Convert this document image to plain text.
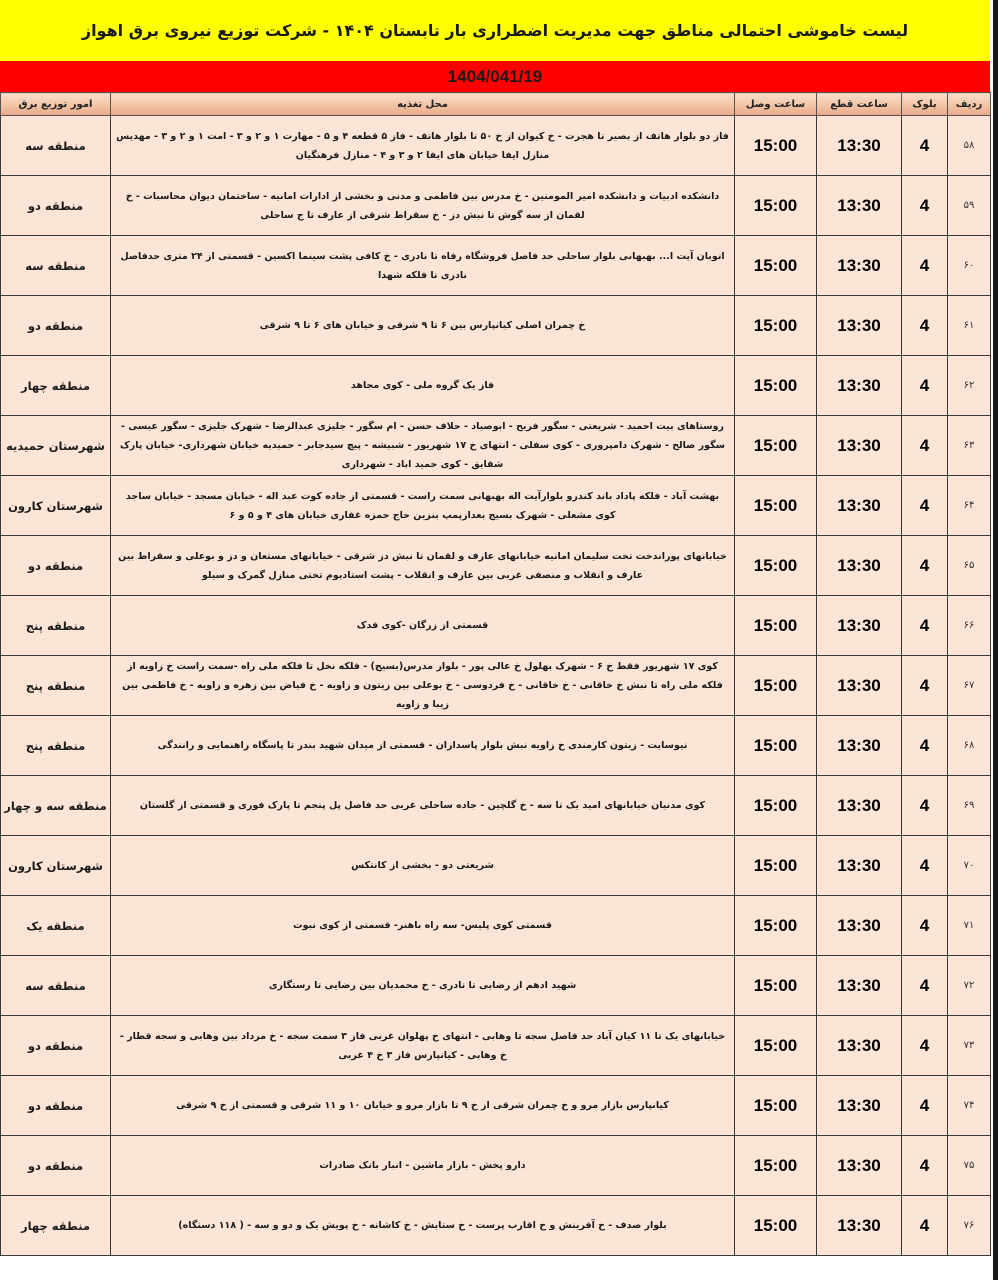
لیست خاموشی احتمالی مناطق جهت مدیریت اضطراری بار تابستان ۱۴۰۴ - شرکت توزیع نیروی برق اهواز
1404/041/19
ردیف	بلوک	ساعت قطع	ساعت وصل	محل تغذیه	امور توزیع برق
۵۸	4	13:30	15:00	فاز دو بلوار هاتف از بصیر تا هجرت - خ کیوان از خ ۵۰ تا بلوار هاتف - فاز ۵ قطعه ۴ و ۵ - مهارت ۱ و ۲ و ۳ - امت ۱ و ۲ و ۳ - مهدیس منازل ایفا خیابان های ایفا ۲ و ۳ و ۴ - منازل فرهنگیان	منطقه سه
۵۹	4	13:30	15:00	دانشکده ادبیات و دانشکده امیر المومنین - خ مدرس بین فاطمی و مدنی و بخشی از ادارات امانیه - ساختمان دیوان محاسبات - خ لقمان از سه گوش تا نبش دز - خ سقراط شرقی از عارف تا ج ساحلی	منطقه دو
۶۰	4	13:30	15:00	اتوبان آیت ا... بهبهانی بلوار ساحلی حد فاصل فروشگاه رفاه تا نادری - خ کافی پشت سینما اکسین - قسمتی از ۲۴ متری حدفاصل نادری تا فلکه شهدا	منطقه سه
۶۱	4	13:30	15:00	خ چمران اصلی کیانپارس بین ۶ تا ۹ شرقی و خیابان های ۶ تا ۹ شرقی	منطقه دو
۶۲	4	13:30	15:00	فاز یک گروه ملی - کوی مجاهد	منطقه چهار
۶۳	4	13:30	15:00	روستاهای بیت احمید - شریعتی - سگور فریح - ابوصیاد - حلاف حسن - ام سگور - جلیزی عبدالرضا - شهرک جلیزی - سگور عیسی - سگور صالح - شهرک دامپروری - کوی سفلی - انتهای خ ۱۷ شهریور - شبیشه - پیچ سیدجابر - حمیدیه خیابان شهرداری- خیابان پارک شقایق - کوی حمید اباد - شهرداری	شهرستان حمیدیه
۶۴	4	13:30	15:00	بهشت آباد - فلکه پاداد باند کندرو بلوارآیت اله بهبهانی سمت راست - قسمتی از جاده کوت عبد اله - خیابان مسجد - خیابان ساجد کوی مشعلی - شهرک بسیج بعدازپمپ بنزین حاج حمزه غفاری خیابان های ۴ و ۵ و ۶	شهرستان کارون
۶۵	4	13:30	15:00	خیابانهای پوراندخت تخت سلیمان امانیه خیابانهای عارف و لقمان تا نبش دز شرقی - خیابانهای مستعان و دز و بوعلی و سقراط بین عارف و انقلاب و منصفی غربی بین عارف و انقلاب - پشت استادیوم تختی منازل گمرک و سیلو	منطقه دو
۶۶	4	13:30	15:00	قسمتی از زرگان -کوی فدک	منطقه پنج
۶۷	4	13:30	15:00	کوی ۱۷ شهریور فقط خ ۶ - شهرک بهلول خ عالی پور - بلوار مدرس(بسیج) - فلکه نخل تا فلکه ملی راه -سمت راست خ زاویه از فلکه ملی راه تا نبش خ خاقانی - خ خاقانی - خ فردوسی - خ بوعلی بین زیتون و زاویه - خ فیاض بین زهره و زاویه - خ فاطمی بین زیبا و زاویه	منطقه پنج
۶۸	4	13:30	15:00	نیوسایت - زیتون کارمندی خ زاویه نبش بلوار پاسداران - قسمتی از میدان شهید بندر تا پاسگاه راهنمایی و رانندگی	منطقه پنج
۶۹	4	13:30	15:00	کوی مدنیان خیابانهای امید یک تا سه - خ گلچین - جاده ساحلی غربی حد فاصل پل پنجم تا پارک فوری و قسمتی از گلستان	منطقه سه و چهار
۷۰	4	13:30	15:00	شریعتی دو - بخشی از کانتکس	شهرستان کارون
۷۱	4	13:30	15:00	قسمتی کوی پلیس- سه راه باهنر- قسمتی از کوی نبوت	منطقه یک
۷۲	4	13:30	15:00	شهید ادهم از رضایی تا نادری - خ محمدیان بین رضایی تا رستگاری	منطقه سه
۷۳	4	13:30	15:00	خیابانهای یک تا ۱۱ کیان آباد حد فاصل سجه تا وهابی - انتهای خ پهلوان غربی فاز ۳ سمت سجه - خ مرداد بین وهابی و سجه قطار - خ وهابی - کیانپارس فاز ۳ خ ۴ غربی	منطقه دو
۷۴	4	13:30	15:00	کیانپارس بازار مرو و خ چمران شرقی از خ ۹ تا بازار مرو و خیابان ۱۰ و ۱۱ شرقی و قسمتی از خ ۹ شرقی	منطقه دو
۷۵	4	13:30	15:00	دارو پخش - بازار ماشین - انبار بانک صادرات	منطقه دو
۷۶	4	13:30	15:00	بلوار صدف - خ آفرینش و خ اقارب پرست - خ ستایش - خ کاشانه - خ پویش یک و دو و سه - ( ۱۱۸ دستگاه)	منطقه چهار
